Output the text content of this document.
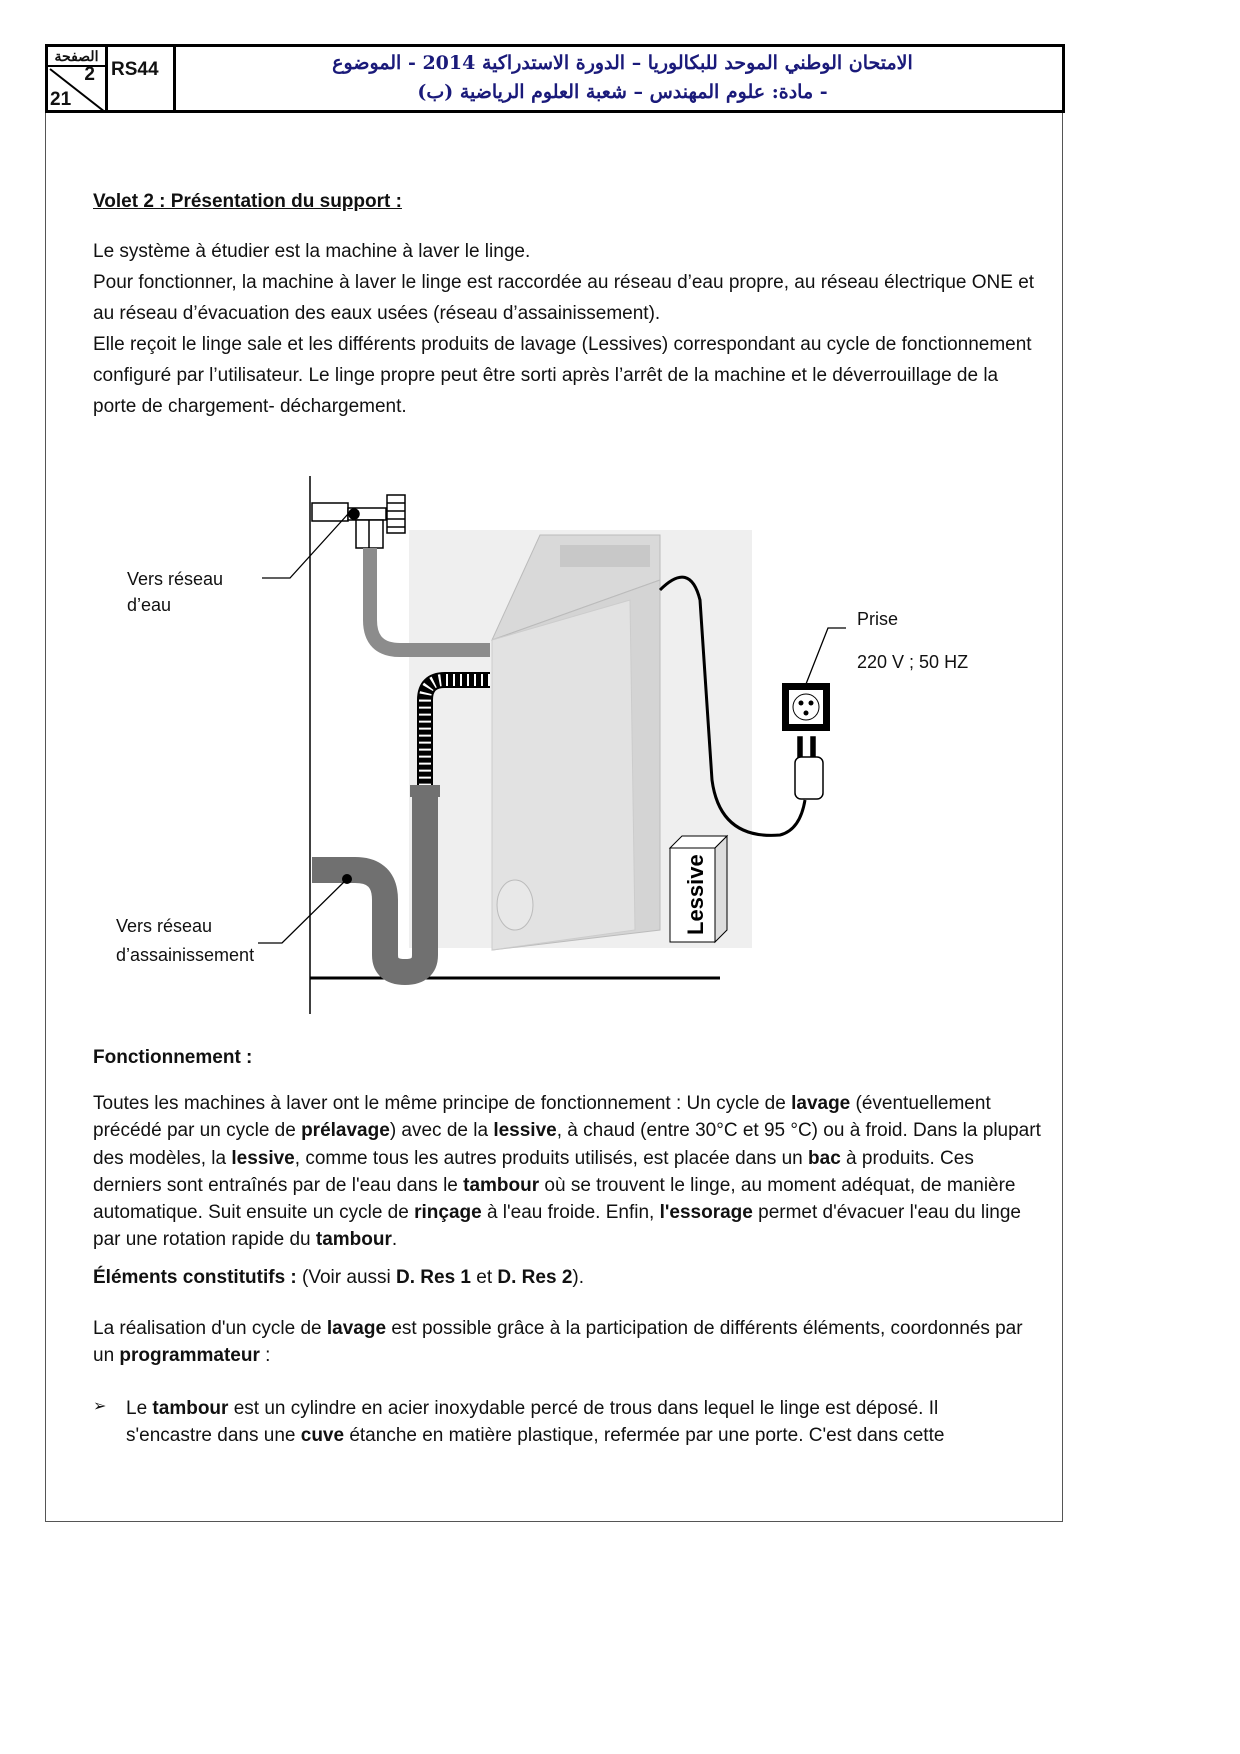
الصفحة
2
21
RS44	الامتحان الوطني الموحد للبكالوريا – الدورة الاستدراكية 2014 - الموضوع
- مادة: علوم المهندس – شعبة العلوم الرياضية (ب)
Volet 2 : Présentation du support :
Le système à étudier est la machine à laver le linge.
Pour fonctionner, la machine à laver le linge est raccordée au réseau d’eau propre, au réseau électrique ONE et au réseau d’évacuation des eaux usées (réseau d’assainissement).
Elle reçoit le linge sale et les différents produits de lavage (Lessives) correspondant au cycle de fonctionnement configuré par l’utilisateur. Le linge propre peut être sorti après l’arrêt de la machine et le déverrouillage de la porte de chargement- déchargement.
Lessive
Vers réseau
d’eau
Vers réseau
d’assainissement
Prise
220 V ; 50 HZ
Fonctionnement :
Toutes les machines à laver ont le même principe de fonctionnement : Un cycle de lavage (éventuellement précédé par un cycle de prélavage) avec de la lessive, à chaud (entre 30°C et 95 °C) ou à froid. Dans la plupart des modèles, la lessive, comme tous les autres produits utilisés, est placée dans un bac à produits. Ces derniers sont entraînés par de l'eau dans le tambour où se trouvent le linge, au moment adéquat, de manière automatique. Suit ensuite un cycle de rinçage à l'eau froide. Enfin, l'essorage permet d'évacuer l'eau du linge par une rotation rapide du tambour.
Éléments constitutifs : (Voir aussi D. Res 1 et D. Res 2).
La réalisation d'un cycle de lavage est possible grâce à la participation de différents éléments, coordonnés par un programmateur :
➢ Le tambour est un cylindre en acier inoxydable percé de trous dans lequel le linge est déposé. Il s'encastre dans une cuve étanche en matière plastique, refermée par une porte. C'est dans cette
